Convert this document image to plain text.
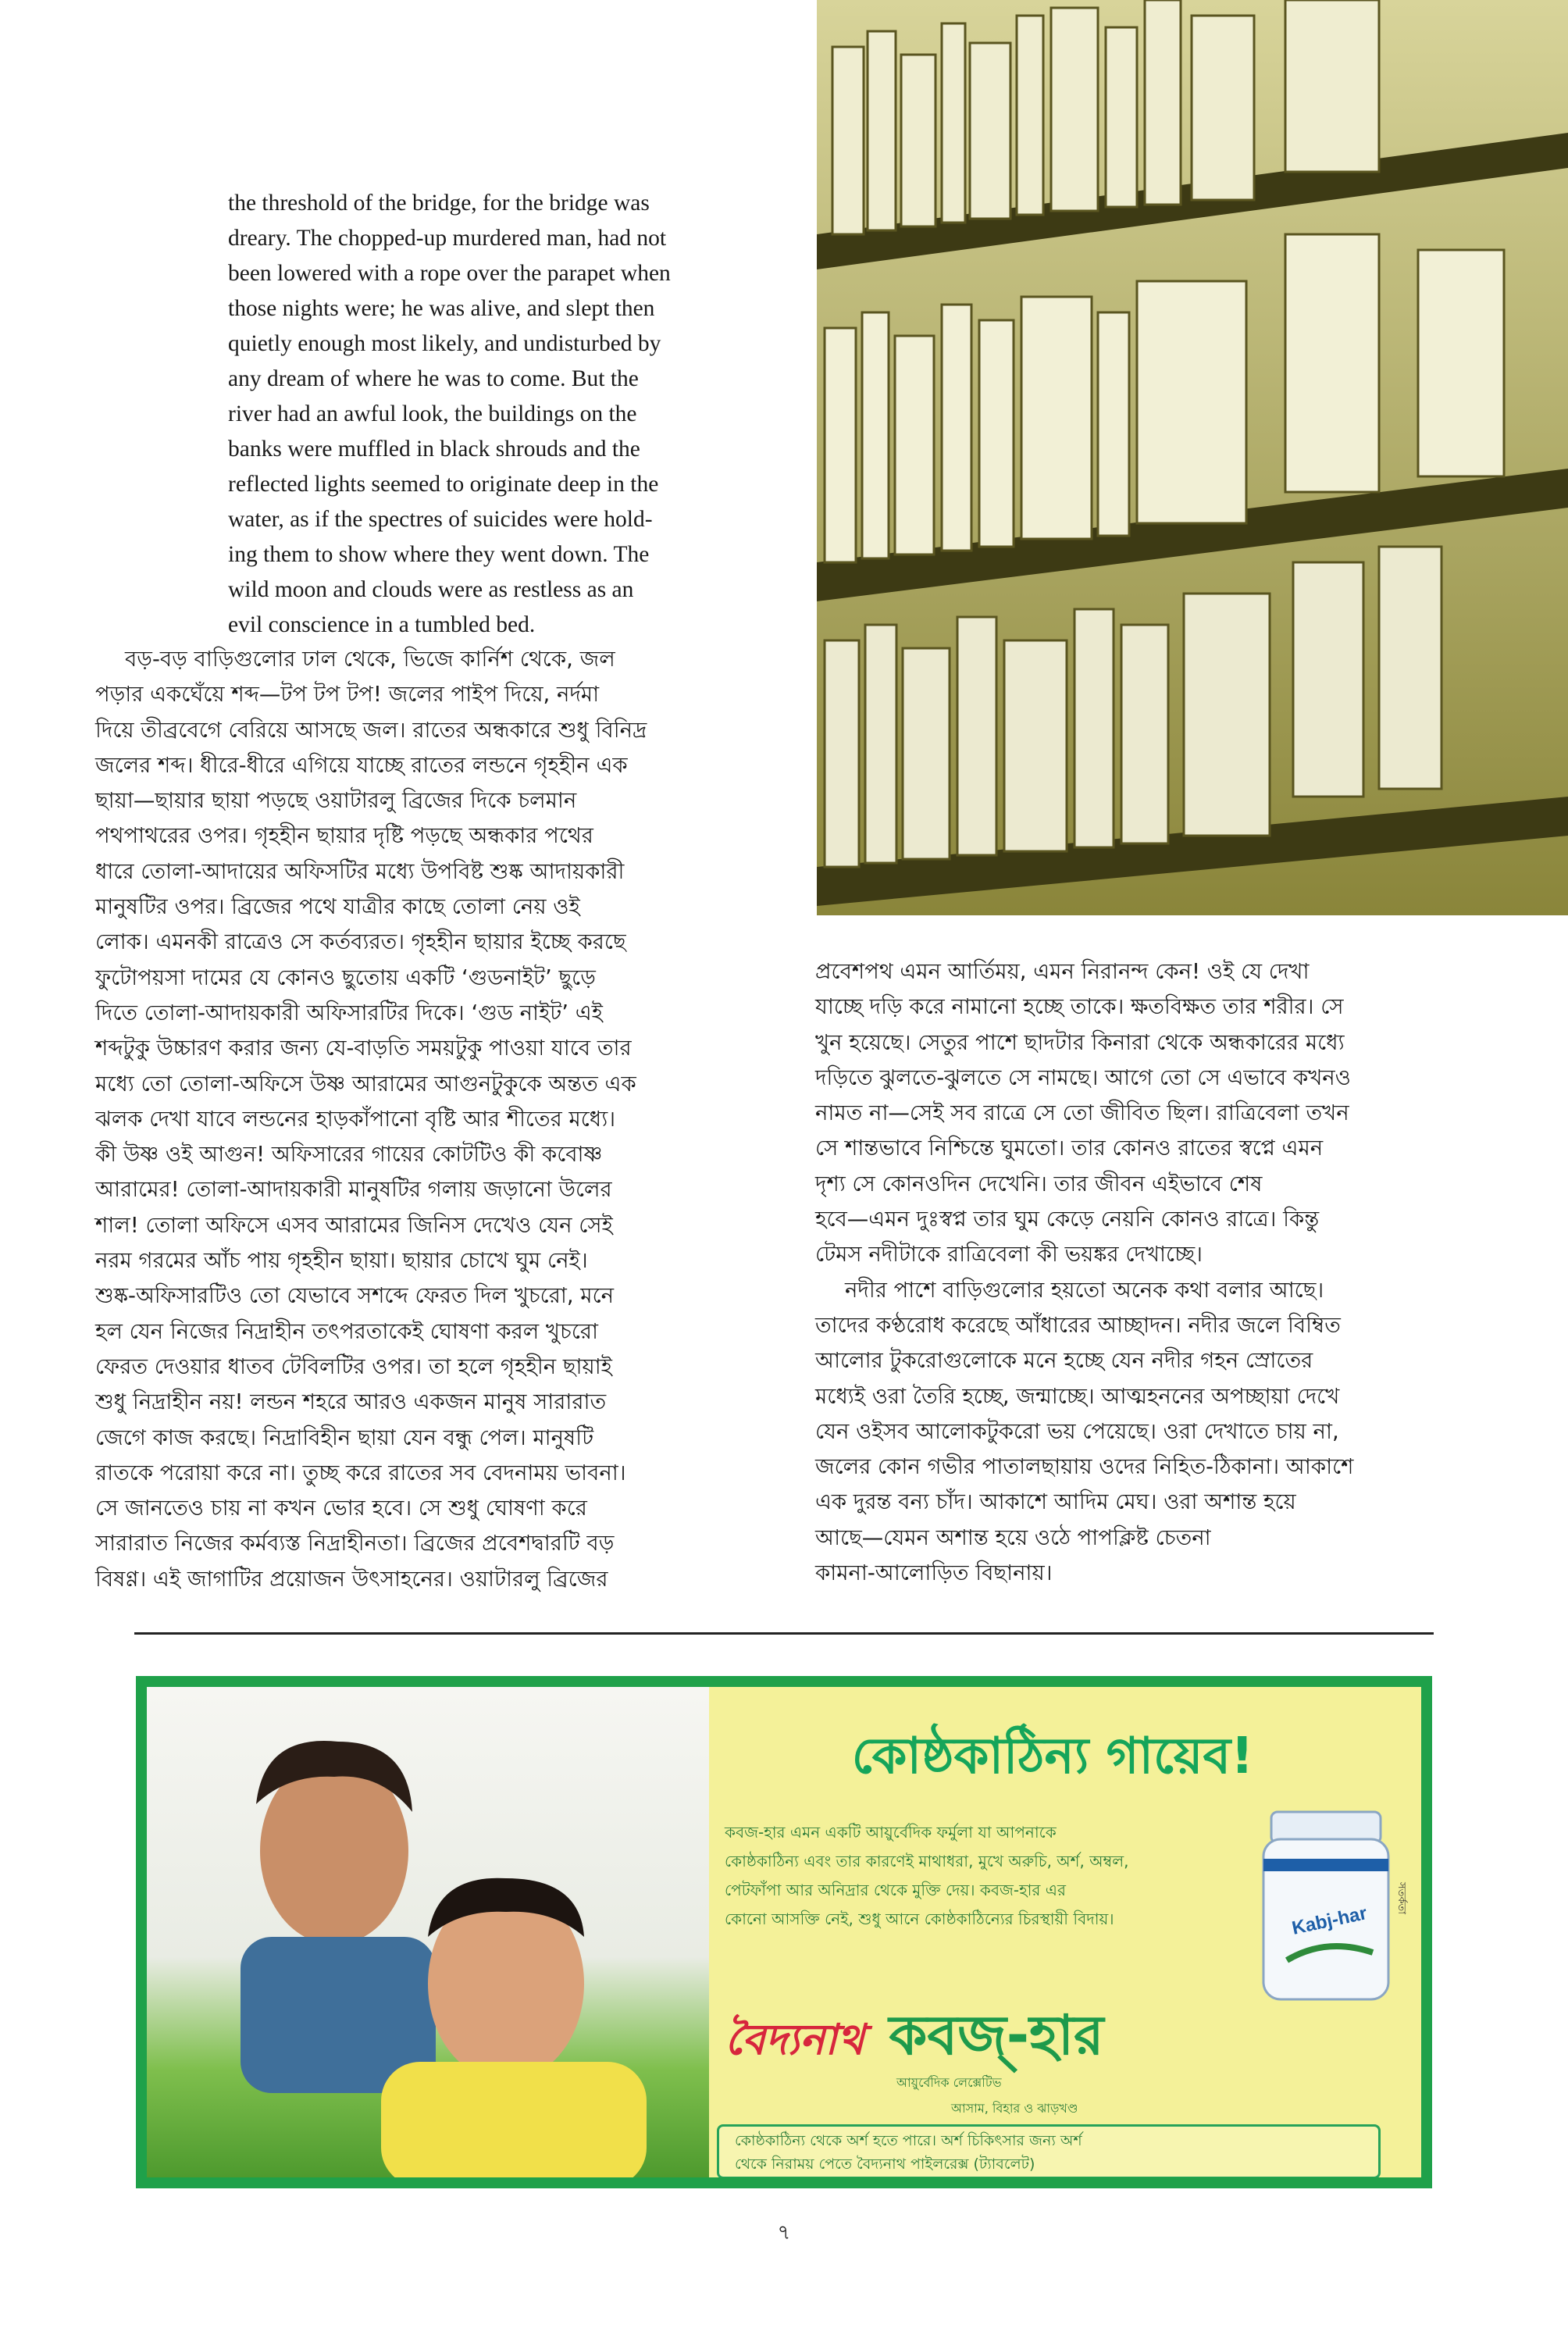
the threshold of the bridge, for the bridge was
dreary. The chopped-up murdered man, had not
been lowered with a rope over the parapet when
those nights were; he was alive, and slept then
quietly enough most likely, and undisturbed by
any dream of where he was to come. But the
river had an awful look, the buildings on the
banks were muffled in black shrouds and the
reflected lights seemed to originate deep in the
water, as if the spectres of suicides were hold-
ing them to show where they went down. The
wild moon and clouds were as restless as an
evil conscience in a tumbled bed.
বড়-বড় বাড়িগুলোর ঢাল থেকে, ভিজে কার্নিশ থেকে, জল
পড়ার একঘেঁয়ে শব্দ—টপ টপ টপ! জলের পাইপ দিয়ে, নর্দমা
দিয়ে তীব্রবেগে বেরিয়ে আসছে জল। রাতের অন্ধকারে শুধু বিনিদ্র
জলের শব্দ। ধীরে-ধীরে এগিয়ে যাচ্ছে রাতের লন্ডনে গৃহহীন এক
ছায়া—ছায়ার ছায়া পড়ছে ওয়াটারলু ব্রিজের দিকে চলমান
পথপাথরের ওপর। গৃহহীন ছায়ার দৃষ্টি পড়ছে অন্ধকার পথের
ধারে তোলা-আদায়ের অফিসটির মধ্যে উপবিষ্ট শুষ্ক আদায়কারী
মানুষটির ওপর। ব্রিজের পথে যাত্রীর কাছে তোলা নেয় ওই
লোক। এমনকী রাত্রেও সে কর্তব্যরত। গৃহহীন ছায়ার ইচ্ছে করছে
ফুটোপয়সা দামের যে কোনও ছুতোয় একটি ‘গুডনাইট’ ছুড়ে
দিতে তোলা-আদায়কারী অফিসারটির দিকে। ‘গুড নাইট’ এই
শব্দটুকু উচ্চারণ করার জন্য যে-বাড়তি সময়টুকু পাওয়া যাবে তার
মধ্যে তো তোলা-অফিসে উষ্ণ আরামের আগুনটুকুকে অন্তত এক
ঝলক দেখা যাবে লন্ডনের হাড়কাঁপানো বৃষ্টি আর শীতের মধ্যে।
কী উষ্ণ ওই আগুন! অফিসারের গায়ের কোটটিও কী কবোষ্ণ
আরামের! তোলা-আদায়কারী মানুষটির গলায় জড়ানো উলের
শাল! তোলা অফিসে এসব আরামের জিনিস দেখেও যেন সেই
নরম গরমের আঁচ পায় গৃহহীন ছায়া। ছায়ার চোখে ঘুম নেই।
শুষ্ক-অফিসারটিও তো যেভাবে সশব্দে ফেরত দিল খুচরো, মনে
হল যেন নিজের নিদ্রাহীন তৎপরতাকেই ঘোষণা করল খুচরো
ফেরত দেওয়ার ধাতব টেবিলটির ওপর। তা হলে গৃহহীন ছায়াই
শুধু নিদ্রাহীন নয়! লন্ডন শহরে আরও একজন মানুষ সারারাত
জেগে কাজ করছে। নিদ্রাবিহীন ছায়া যেন বন্ধু পেল। মানুষটি
রাতকে পরোয়া করে না। তুচ্ছ করে রাতের সব বেদনাময় ভাবনা।
সে জানতেও চায় না কখন ভোর হবে। সে শুধু ঘোষণা করে
সারারাত নিজের কর্মব্যস্ত নিদ্রাহীনতা। ব্রিজের প্রবেশদ্বারটি বড়
বিষণ্ণ। এই জাগাটির প্রয়োজন উৎসাহনের। ওয়াটারলু ব্রিজের
প্রবেশপথ এমন আর্তিময়, এমন নিরানন্দ কেন! ওই যে দেখা
যাচ্ছে দড়ি করে নামানো হচ্ছে তাকে। ক্ষতবিক্ষত তার শরীর। সে
খুন হয়েছে। সেতুর পাশে ছাদটার কিনারা থেকে অন্ধকারের মধ্যে
দড়িতে ঝুলতে-ঝুলতে সে নামছে। আগে তো সে এভাবে কখনও
নামত না—সেই সব রাত্রে সে তো জীবিত ছিল। রাত্রিবেলা তখন
সে শান্তভাবে নিশ্চিন্তে ঘুমতো। তার কোনও রাতের স্বপ্নে এমন
দৃশ্য সে কোনওদিন দেখেনি। তার জীবন এইভাবে শেষ
হবে—এমন দুঃস্বপ্ন তার ঘুম কেড়ে নেয়নি কোনও রাত্রে। কিন্তু
টেমস নদীটাকে রাত্রিবেলা কী ভয়ঙ্কর দেখাচ্ছে।
নদীর পাশে বাড়িগুলোর হয়তো অনেক কথা বলার আছে।
তাদের কণ্ঠরোধ করেছে আঁধারের আচ্ছাদন। নদীর জলে বিম্বিত
আলোর টুকরোগুলোকে মনে হচ্ছে যেন নদীর গহন স্রোতের
মধ্যেই ওরা তৈরি হচ্ছে, জন্মাচ্ছে। আত্মহননের অপচ্ছায়া দেখে
যেন ওইসব আলোকটুকরো ভয় পেয়েছে। ওরা দেখাতে চায় না,
জলের কোন গভীর পাতালছায়ায় ওদের নিহিত-ঠিকানা। আকাশে
এক দুরন্ত বন্য চাঁদ। আকাশে আদিম মেঘ। ওরা অশান্ত হয়ে
আছে—যেমন অশান্ত হয়ে ওঠে পাপক্লিষ্ট চেতনা
কামনা-আলোড়িত বিছানায়।
কোষ্ঠকাঠিন্য গায়েব!
কবজ-হার এমন একটি আয়ুর্বেদিক ফর্মুলা যা আপনাকে
কোষ্ঠকাঠিন্য এবং তার কারণেই মাথাধরা, মুখে অরুচি, অর্শ, অম্বল,
পেটফাঁপা আর অনিদ্রার থেকে মুক্তি দেয়। কবজ-হার এর
কোনো আসক্তি নেই, শুধু আনে কোষ্ঠকাঠিন্যের চিরস্থায়ী বিদায়।
বৈদ্যনাথ কবজ্-হার
আয়ুর্বেদিক লেক্সেটিভ
আসাম, বিহার ও ঝাড়খণ্ড
কোষ্ঠকাঠিন্য থেকে অর্শ হতে পারে। অর্শ চিকিৎসার জন্য অর্শ
থেকে নিরাময় পেতে বৈদ্যনাথ পাইলরেক্স (ট্যাবলেট)
Kabj-har
সতর্কতা
৭
